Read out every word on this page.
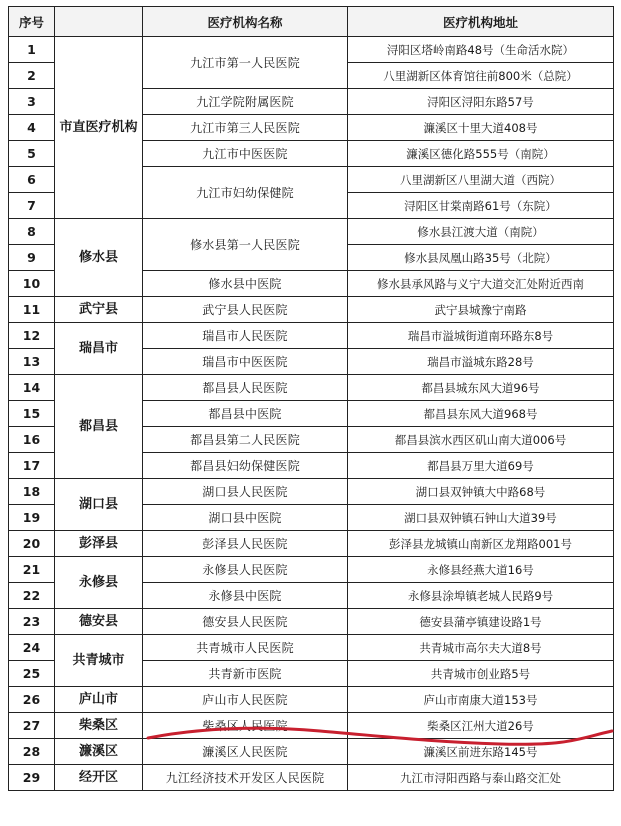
序号		医疗机构名称	医疗机构地址
1	市直医疗机构	九江市第一人民医院	浔阳区塔岭南路48号（生命活水院）
2			八里湖新区体育馆往前800米（总院）
3		九江学院附属医院	浔阳区浔阳东路57号
4		九江市第三人民医院	濂溪区十里大道408号
5		九江市中医医院	濂溪区德化路555号（南院）
6		九江市妇幼保健院	八里湖新区八里湖大道（西院）
7			浔阳区甘棠南路61号（东院）
8	修水县	修水县第一人民医院	修水县江渡大道（南院）
9			修水县凤凰山路35号（北院）
10		修水县中医院	修水县承风路与义宁大道交汇处附近西南
11	武宁县	武宁县人民医院	武宁县城豫宁南路
12	瑞昌市	瑞昌市人民医院	瑞昌市溢城街道南环路东8号
13		瑞昌市中医医院	瑞昌市溢城东路28号
14	都昌县	都昌县人民医院	都昌县城东风大道96号
15		都昌县中医院	都昌县东风大道968号
16		都昌县第二人民医院	都昌县滨水西区矶山南大道006号
17		都昌县妇幼保健医院	都昌县万里大道69号
18	湖口县	湖口县人民医院	湖口县双钟镇大中路68号
19		湖口县中医院	湖口县双钟镇石钟山大道39号
20	彭泽县	彭泽县人民医院	彭泽县龙城镇山南新区龙翔路001号
21	永修县	永修县人民医院	永修县经燕大道16号
22		永修县中医院	永修县涂埠镇老城人民路9号
23	德安县	德安县人民医院	德安县蒲亭镇建设路1号
24	共青城市	共青城市人民医院	共青城市高尔夫大道8号
25		共青新市医院	共青城市创业路5号
26	庐山市	庐山市人民医院	庐山市南康大道153号
27	柴桑区	柴桑区人民医院	柴桑区江州大道26号
28	濂溪区	濂溪区人民医院	濂溪区前进东路145号
29	经开区	九江经济技术开发区人民医院	九江市浔阳西路与泰山路交汇处
